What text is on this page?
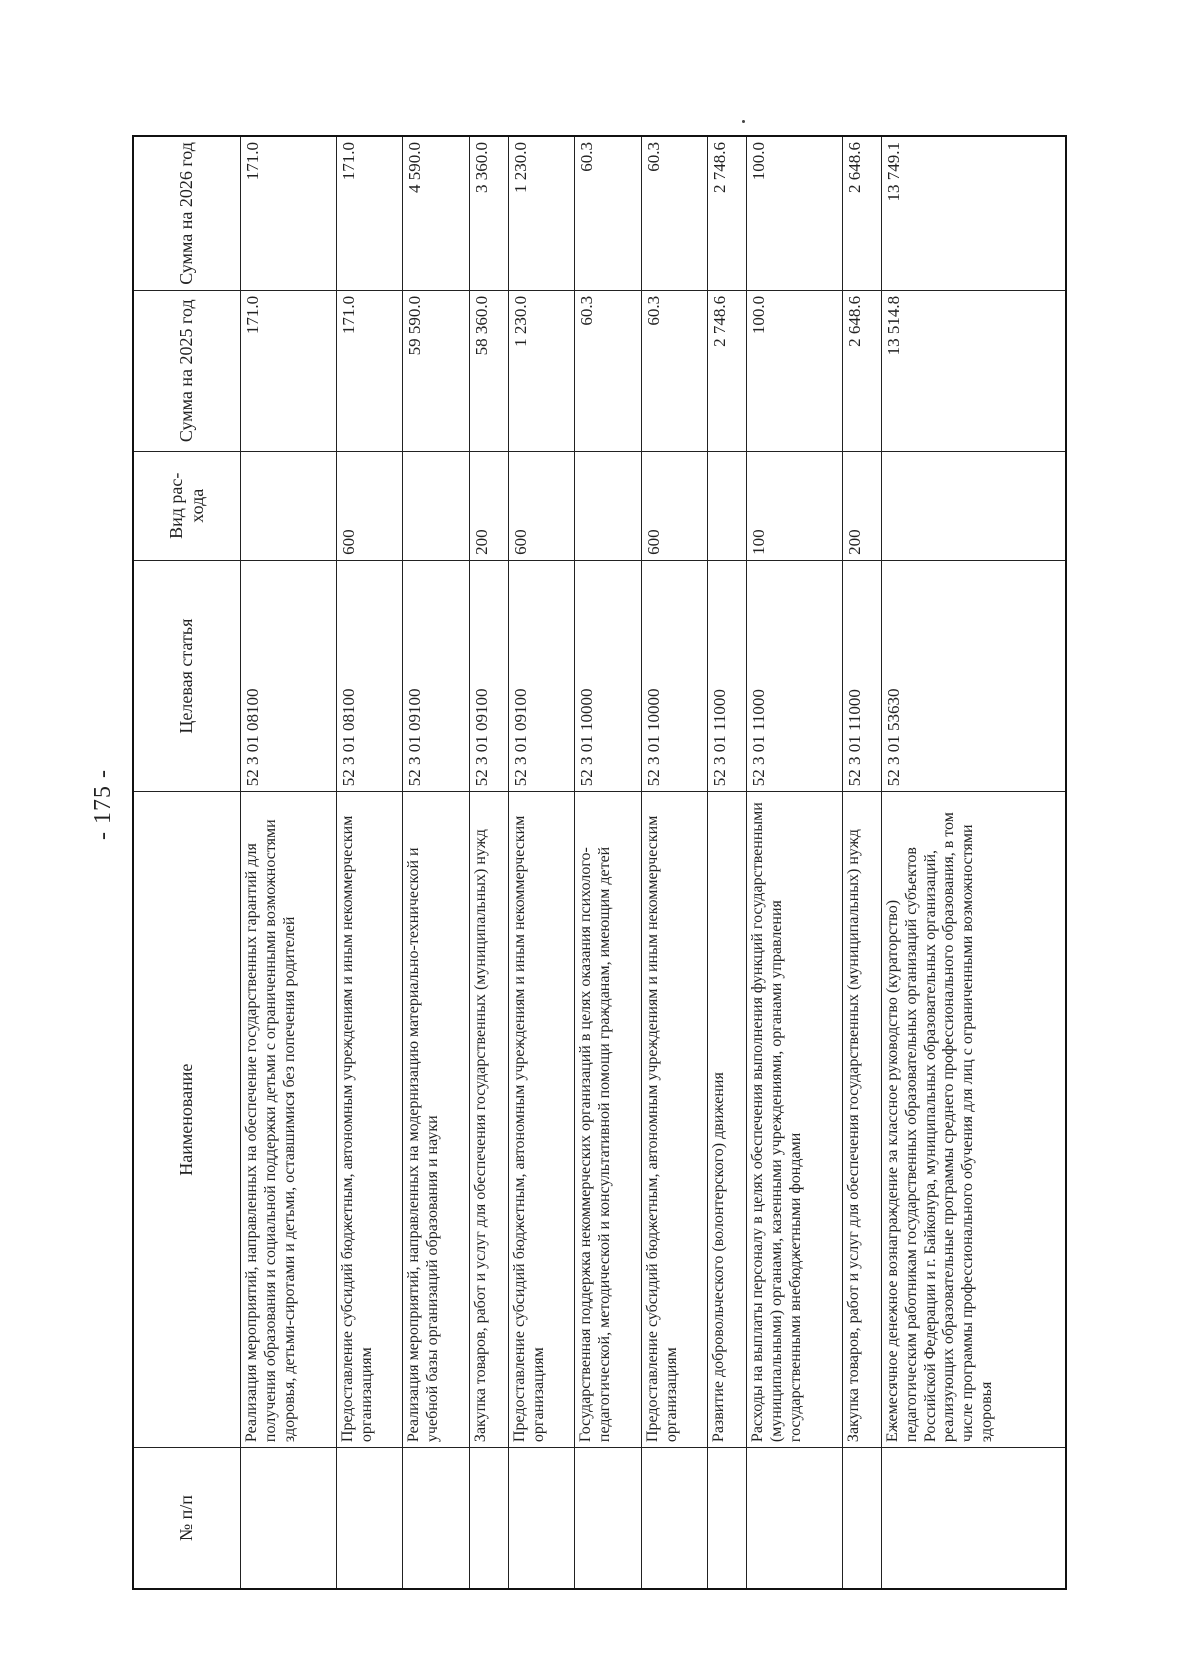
- 175 -
№ п/п	Наименование	Целевая статья	Вид рас-хода	Сумма на 2025 год	Сумма на 2026 год
	Реализация мероприятий, направленных на обеспечение государственных гарантий для получения образования и социальной поддержки детьми с ограниченными возможностями здоровья, детьми-сиротами и детьми, оставшимися без попечения родителей	52 3 01 08100		171.0	171.0
	Предоставление субсидий бюджетным, автономным учреждениям и иным некоммерческим организациям	52 3 01 08100	600	171.0	171.0
	Реализация мероприятий, направленных на модернизацию материально-технической и учебной базы организаций образования и науки	52 3 01 09100		59 590.0	4 590.0
	Закупка товаров, работ и услуг для обеспечения государственных (муниципальных) нужд	52 3 01 09100	200	58 360.0	3 360.0
	Предоставление субсидий бюджетным, автономным учреждениям и иным некоммерческим организациям	52 3 01 09100	600	1 230.0	1 230.0
	Государственная поддержка некоммерческих организаций в целях оказания психолого-педагогической, методической и консультативной помощи гражданам, имеющим детей	52 3 01 10000		60.3	60.3
	Предоставление субсидий бюджетным, автономным учреждениям и иным некоммерческим организациям	52 3 01 10000	600	60.3	60.3
	Развитие добровольческого (волонтерского) движения	52 3 01 11000		2 748.6	2 748.6
	Расходы на выплаты персоналу в целях обеспечения выполнения функций государственными (муниципальными) органами, казенными учреждениями, органами управления государственными внебюджетными фондами	52 3 01 11000	100	100.0	100.0
	Закупка товаров, работ и услуг для обеспечения государственных (муниципальных) нужд	52 3 01 11000	200	2 648.6	2 648.6
	Ежемесячное денежное вознаграждение за классное руководство (кураторство) педагогическим работникам государственных образовательных организаций субъектов Российской Федерации и г. Байконура, муниципальных образовательных организаций, реализующих образовательные программы среднего профессионального образования, в том числе программы профессионального обучения для лиц с ограниченными возможностями здоровья	52 3 01 53630		13 514.8	13 749.1
